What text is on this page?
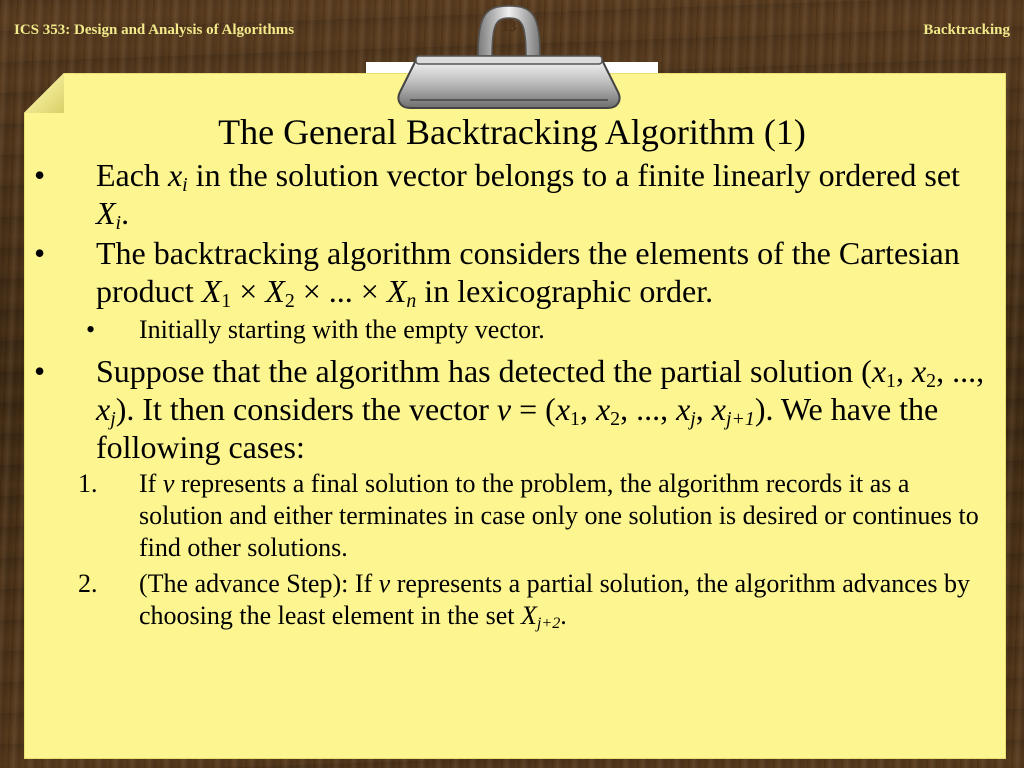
ICS 353: Design and Analysis of Algorithms	Backtracking
13
The General Backtracking Algorithm (1)

• Each $x_i$ in the solution vector belongs to a finite linearly ordered set $X_i$.

• The backtracking algorithm considers the elements of the Cartesian product $X_1 \times X_2$ × ... × $X_n$ in lexicographic order.

• Initially starting with the empty vector.

• Suppose that the algorithm has detected the partial solution ($x_1$, $x_2$, ..., $x_j$). It then considers the vector $v = (x_1$, $x_2$, ..., $x_j$, $x_{j+1}$). We have the following cases:

1. If v represents a final solution to the problem, the algorithm records it as a solution and either terminates in case only one solution is desired or continues to find other solutions.

2. (The advance Step): If v represents a partial solution, the algorithm advances by choosing the least element in the set $X_{j+2}$.
